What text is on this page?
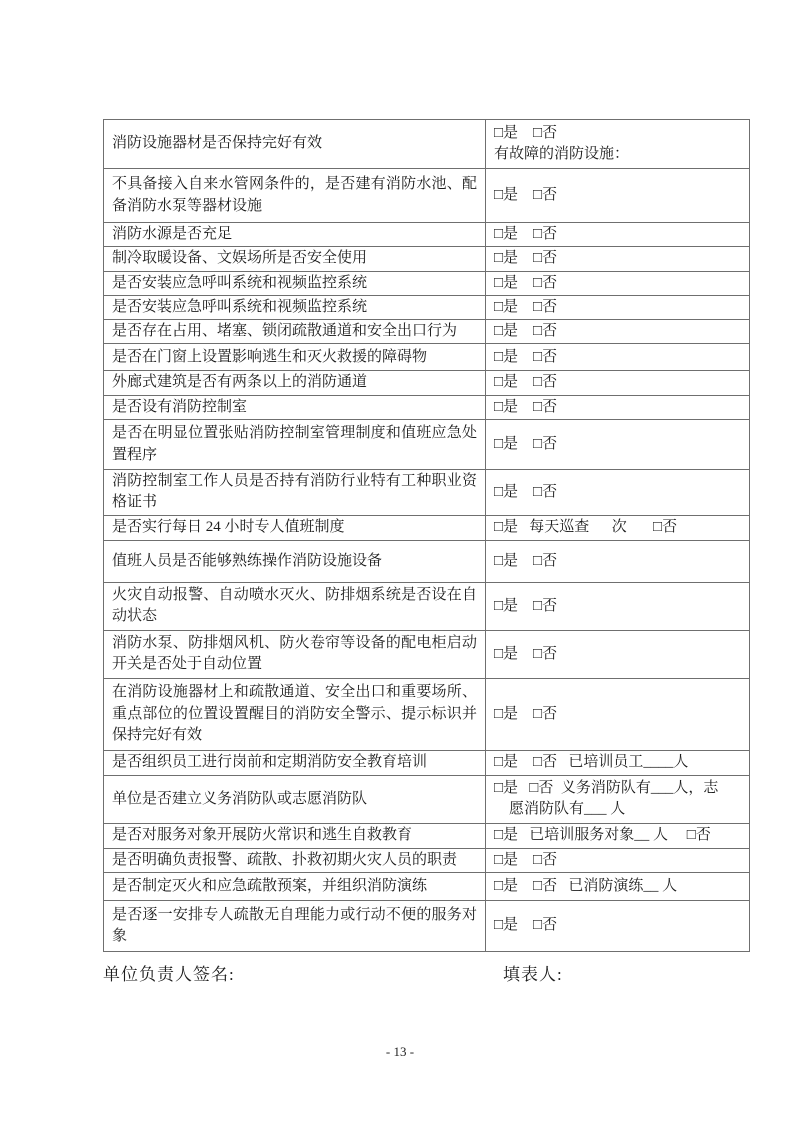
消防设施器材是否保持完好有效	□是    □否
有故障的消防设施：

不具备接入自来水管网条件的，是否建有消防水池、配备消防水泵等器材设施	□是    □否

消防水源是否充足	□是    □否

制冷取暖设备、文娱场所是否安全使用	□是    □否

是否安装应急呼叫系统和视频监控系统	□是    □否

是否安装应急呼叫系统和视频监控系统	□是    □否

是否存在占用、堵塞、锁闭疏散通道和安全出口行为	□是    □否

是否在门窗上设置影响逃生和灭火救援的障碍物	□是    □否

外廊式建筑是否有两条以上的消防通道	□是    □否

是否设有消防控制室	□是    □否

是否在明显位置张贴消防控制室管理制度和值班应急处置程序	□是    □否

消防控制室工作人员是否持有消防行业特有工种职业资格证书	□是    □否

是否实行每日 24 小时专人值班制度	□是   每天巡查      次       □否

值班人员是否能够熟练操作消防设施设备	□是    □否

火灾自动报警、自动喷水灭火、防排烟系统是否设在自动状态	□是    □否

消防水泵、防排烟风机、防火卷帘等设备的配电柜启动开关是否处于自动位置	□是    □否

在消防设施器材上和疏散通道、安全出口和重要场所、重点部位的位置设置醒目的消防安全警示、提示标识并保持完好有效	□是    □否

是否组织员工进行岗前和定期消防安全教育培训	□是    □否   已培训员工____人

单位是否建立义务消防队或志愿消防队	□是   □否  义务消防队有___人，志
愿消防队有___ 人

是否对服务对象开展防火常识和逃生自救教育	□是   已培训服务对象__ 人     □否

是否明确负责报警、疏散、扑救初期火灾人员的职责	□是    □否

是否制定灭火和应急疏散预案，并组织消防演练	□是    □否   已消防演练__ 人

是否逐一安排专人疏散无自理能力或行动不便的服务对象	□是    □否
单位负责人签名:	填表人:
- 13 -
